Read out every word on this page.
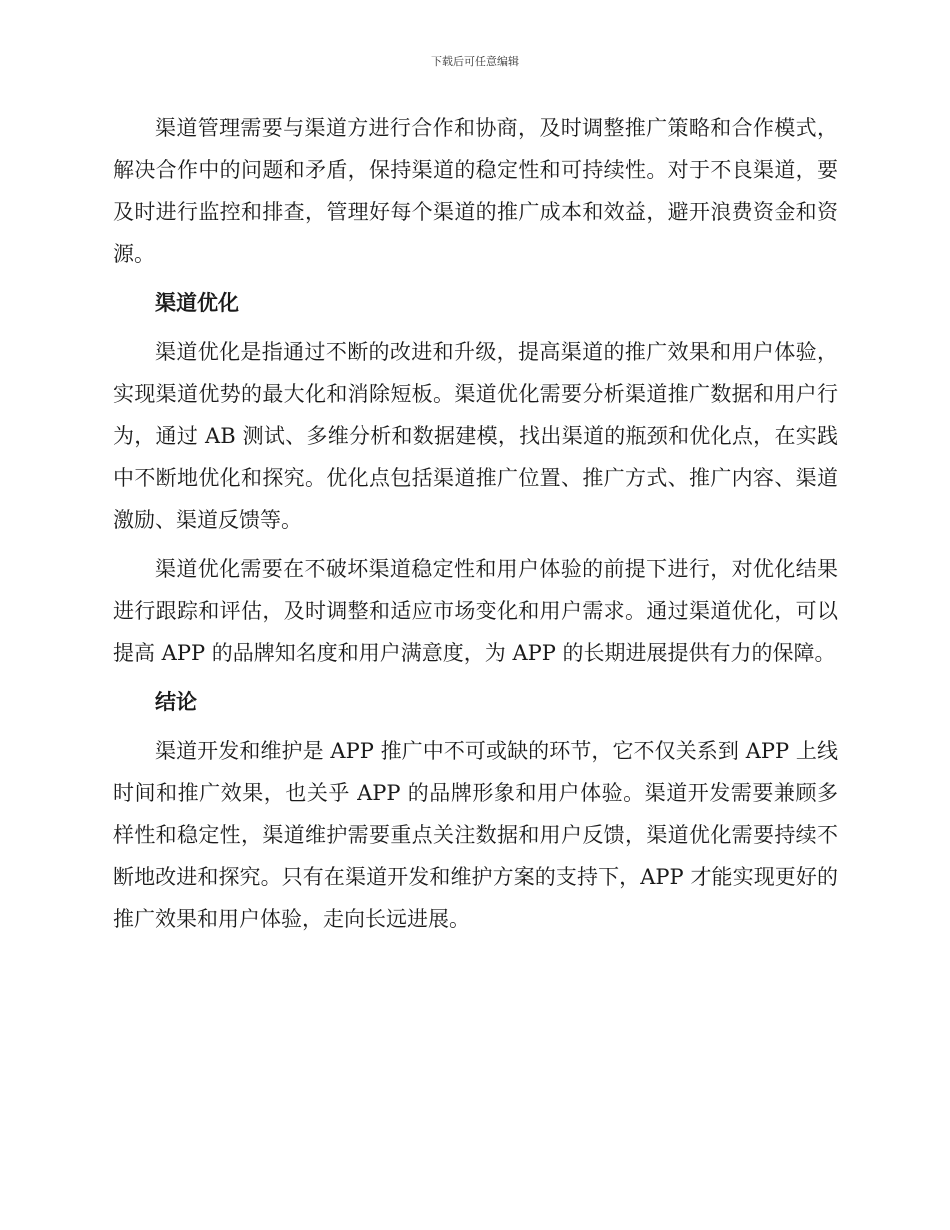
下载后可任意编辑

渠道管理需要与渠道方进行合作和协商，及时调整推广策略和合作模式，解决合作中的问题和矛盾，保持渠道的稳定性和可持续性。对于不良渠道，要及时进行监控和排查，管理好每个渠道的推广成本和效益，避开浪费资金和资源。

渠道优化

渠道优化是指通过不断的改进和升级，提高渠道的推广效果和用户体验，实现渠道优势的最大化和消除短板。渠道优化需要分析渠道推广数据和用户行为，通过 AB 测试、多维分析和数据建模，找出渠道的瓶颈和优化点，在实践中不断地优化和探究。优化点包括渠道推广位置、推广方式、推广内容、渠道激励、渠道反馈等。

渠道优化需要在不破坏渠道稳定性和用户体验的前提下进行，对优化结果进行跟踪和评估，及时调整和适应市场变化和用户需求。通过渠道优化，可以提高 APP 的品牌知名度和用户满意度，为 APP 的长期进展提供有力的保障。

结论

渠道开发和维护是 APP 推广中不可或缺的环节，它不仅关系到 APP 上线时间和推广效果，也关乎 APP 的品牌形象和用户体验。渠道开发需要兼顾多样性和稳定性，渠道维护需要重点关注数据和用户反馈，渠道优化需要持续不断地改进和探究。只有在渠道开发和维护方案的支持下，APP 才能实现更好的推广效果和用户体验，走向长远进展。
